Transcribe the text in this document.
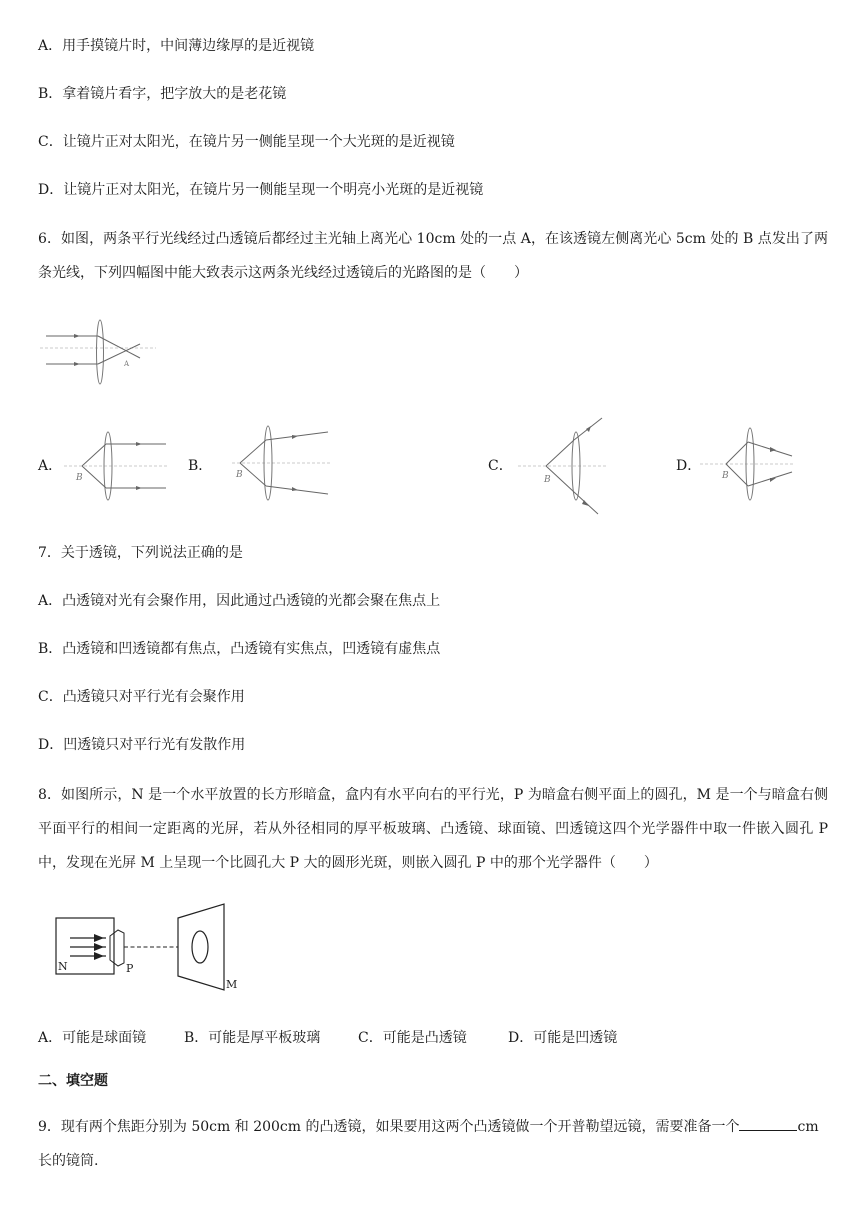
A．用手摸镜片时，中间薄边缘厚的是近视镜
B．拿着镜片看字，把字放大的是老花镜
C．让镜片正对太阳光，在镜片另一侧能呈现一个大光斑的是近视镜
D．让镜片正对太阳光，在镜片另一侧能呈现一个明亮小光斑的是近视镜
6．如图，两条平行光线经过凸透镜后都经过主光轴上离光心 10cm 处的一点 A，在该透镜左侧离光心 5cm 处的 B 点发出了两条光线，下列四幅图中能大致表示这两条光线经过透镜后的光路图的是（　　）
A
A．
B
B．
B
C．
B
D．
B
7．关于透镜，下列说法正确的是
A．凸透镜对光有会聚作用，因此通过凸透镜的光都会聚在焦点上
B．凸透镜和凹透镜都有焦点，凸透镜有实焦点，凹透镜有虚焦点
C．凸透镜只对平行光有会聚作用
D．凹透镜只对平行光有发散作用
8．如图所示，N 是一个水平放置的长方形暗盒，盒内有水平向右的平行光，P 为暗盒右侧平面上的圆孔，M 是一个与暗盒右侧平面平行的相间一定距离的光屏，若从外径相同的厚平板玻璃、凸透镜、球面镜、凹透镜这四个光学器件中取一件嵌入圆孔 P 中，发现在光屏 M 上呈现一个比圆孔大 P 大的圆形光斑，则嵌入圆孔 P 中的那个光学器件（　　）
N	P
M
A．可能是球面镜	B．可能是厚平板玻璃	C．可能是凸透镜	D．可能是凹透镜
二、填空题
9．现有两个焦距分别为 50cm 和 200cm 的凸透镜，如果要用这两个凸透镜做一个开普勒望远镜，需要准备一个	cm
长的镜筒.
